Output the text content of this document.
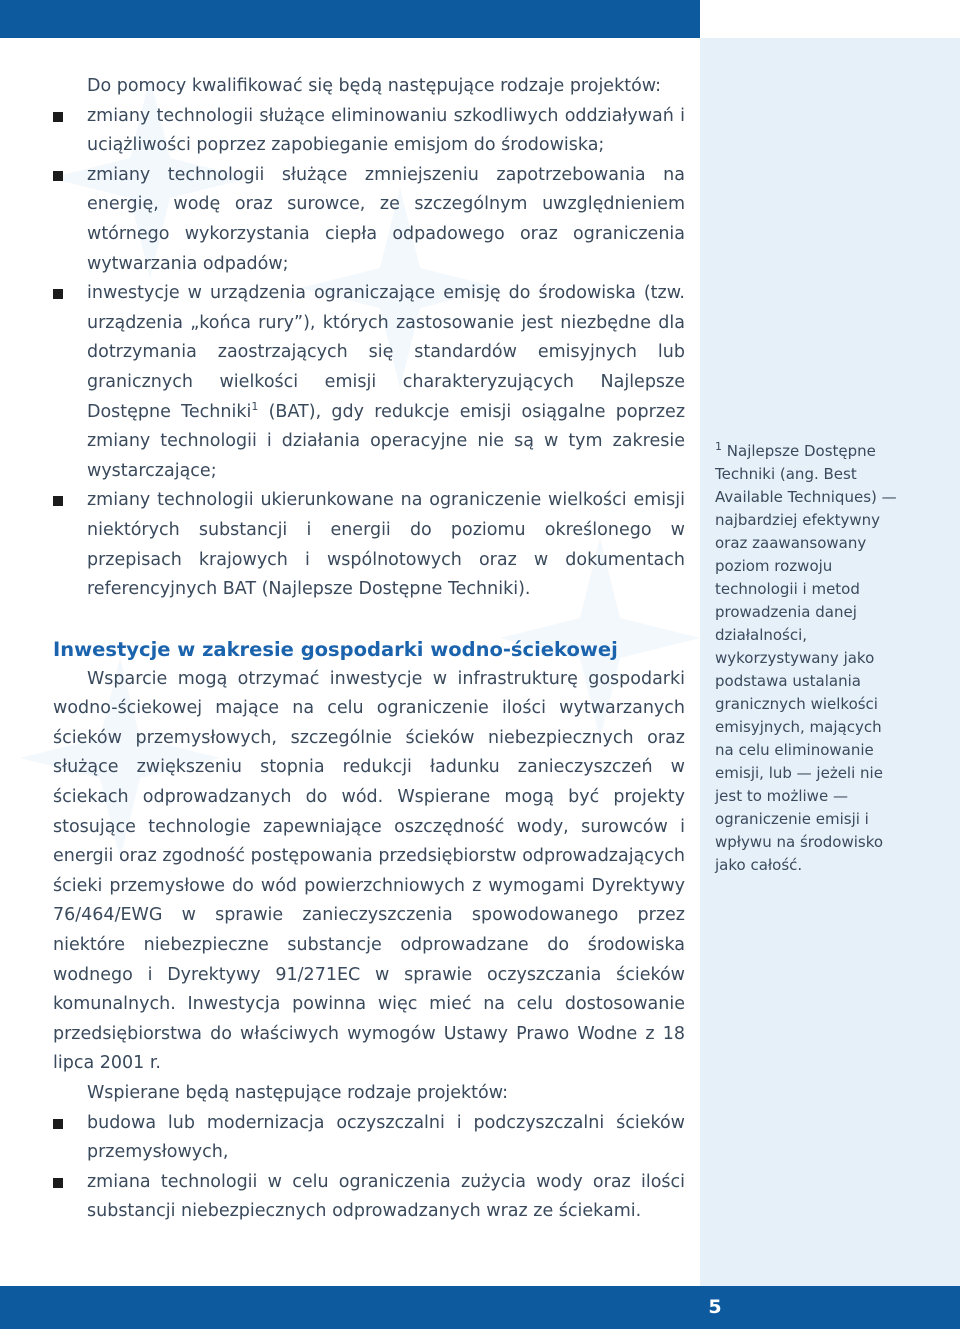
Do pomocy kwalifikować się będą następujące rodzaje projektów:

zmiany technologii służące eliminowaniu szkodliwych oddziaływań i uciążliwości poprzez zapobieganie emisjom do środowiska;
zmiany technologii służące zmniejszeniu zapotrzebowania na energię, wodę oraz surowce, ze szczególnym uwzględnieniem wtórnego wykorzystania ciepła odpadowego oraz ograniczenia wytwarzania odpadów;
inwestycje w urządzenia ograniczające emisję do środowiska (tzw. urządzenia „końca rury”), których zastosowanie jest niezbędne dla dotrzymania zaostrzających się standardów emisyjnych lub granicznych wielkości emisji charakteryzujących Najlepsze Dostępne Techniki$^1$ (BAT), gdy redukcje emisji osiągalne poprzez zmiany technologii i działania operacyjne nie są w tym zakresie wystarczające;
zmiany technologii ukierunkowane na ograniczenie wielkości emisji niektórych substancji i energii do poziomu określonego w przepisach krajowych i wspólnotowych oraz w dokumentach referencyjnych BAT (Najlepsze Dostępne Techniki).
Inwestycje w zakresie gospodarki wodno-ściekowej

Wsparcie mogą otrzymać inwestycje w infrastrukturę gospodarki wodno-ściekowej mające na celu ograniczenie ilości wytwarzanych ścieków przemysłowych, szczególnie ścieków niebezpiecznych oraz służące zwiększeniu stopnia redukcji ładunku zanieczyszczeń w ściekach odprowadzanych do wód. Wspierane mogą być projekty stosujące technologie zapewniające oszczędność wody, surowców i energii oraz zgodność postępowania przedsiębiorstw odprowadzających ścieki przemysłowe do wód powierzchniowych z wymogami Dyrektywy 76/464/EWG w sprawie zanieczyszczenia spowodowanego przez niektóre niebezpieczne substancje odprowadzane do środowiska wodnego i Dyrektywy 91/271EC w sprawie oczyszczania ścieków komunalnych. Inwestycja powinna więc mieć na celu dostosowanie przedsiębiorstwa do właściwych wymogów Ustawy Prawo Wodne z 18 lipca 2001 r.

Wspierane będą następujące rodzaje projektów:

budowa lub modernizacja oczyszczalni i podczyszczalni ścieków przemysłowych,
zmiana technologii w celu ograniczenia zużycia wody oraz ilości substancji niebezpiecznych odprowadzanych wraz ze ściekami.

$^1$ Najlepsze Dostępne Techniki (ang. Best Available Techniques) — najbardziej efektywny oraz zaawansowany poziom rozwoju technologii i metod prowadzenia danej działalności, wykorzystywany jako podstawa ustalania granicznych wielkości emisyjnych, mających na celu eliminowanie emisji, lub — jeżeli nie jest to możliwe — ograniczenie emisji i wpływu na środowisko jako całość.

5
